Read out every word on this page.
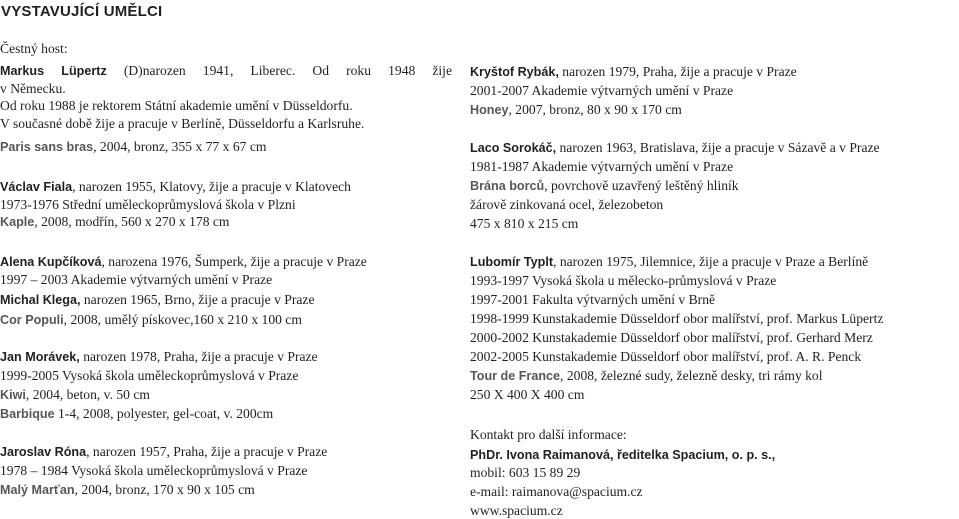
VYSTAVUJÍCÍ UMĚLCI
Čestný host:
Markus Lüpertz (D)narozen 1941, Liberec. Od roku 1948 žije
v Německu.
Od roku 1988 je rektorem Státní akademie umění v Düsseldorfu.
V současné době žije a pracuje v Berlíně, Düsseldorfu a Karlsruhe.
Paris sans bras, 2004, bronz, 355 x 77 x 67 cm
Václav Fiala, narozen 1955, Klatovy, žije a pracuje v Klatovech
1973-1976 Střední uměleckoprůmyslová škola v Plzni
Kaple, 2008, modřín, 560 x 270 x 178 cm
Alena Kupčíková, narozena 1976, Šumperk, žije a pracuje v Praze
1997 – 2003 Akademie výtvarných umění v Praze
Michal Klega, narozen 1965, Brno, žije a pracuje v Praze
Cor Populi, 2008, umělý pískovec,160 x 210 x 100 cm
Jan Morávek, narozen 1978, Praha, žije a pracuje v Praze
1999-2005 Vysoká škola uměleckoprůmyslová v Praze
Kiwi, 2004, beton, v. 50 cm
Barbique 1-4, 2008, polyester, gel-coat, v. 200cm
Jaroslav Róna, narozen 1957, Praha, žije a pracuje v Praze
1978 – 1984 Vysoká škola uměleckoprůmyslová v Praze
Malý Marťan, 2004, bronz, 170 x 90 x 105 cm
Kryštof Rybák, narozen 1979, Praha, žije a pracuje v Praze
2001-2007 Akademie výtvarných umění v Praze
Honey, 2007, bronz, 80 x 90 x 170 cm
Laco Sorokáč, narozen 1963, Bratislava, žije a pracuje v Sázavě a v Praze
1981-1987 Akademie výtvarných umění v Praze
Brána borců, povrchově uzavřený leštěný hliník
žárově zinkovaná ocel, železobeton
475 x 810 x 215 cm
Lubomír Typlt, narozen 1975, Jilemnice, žije a pracuje v Praze a Berlíně
1993-1997 Vysoká škola u mělecko-průmyslová v Praze
1997-2001 Fakulta výtvarných umění v Brně
1998-1999 Kunstakademie Düsseldorf obor malířství, prof. Markus Lüpertz
2000-2002 Kunstakademie Düsseldorf obor malířství, prof. Gerhard Merz
2002-2005 Kunstakademie Düsseldorf obor malířství, prof. A. R. Penck
Tour de France, 2008, železné sudy, železně desky, tri rámy kol
250 X 400 X 400 cm
Kontakt pro další informace:
PhDr. Ivona Raimanová, ředitelka Spacium, o. p. s.,
mobil: 603 15 89 29
e-mail: raimanova@spacium.cz
www.spacium.cz
